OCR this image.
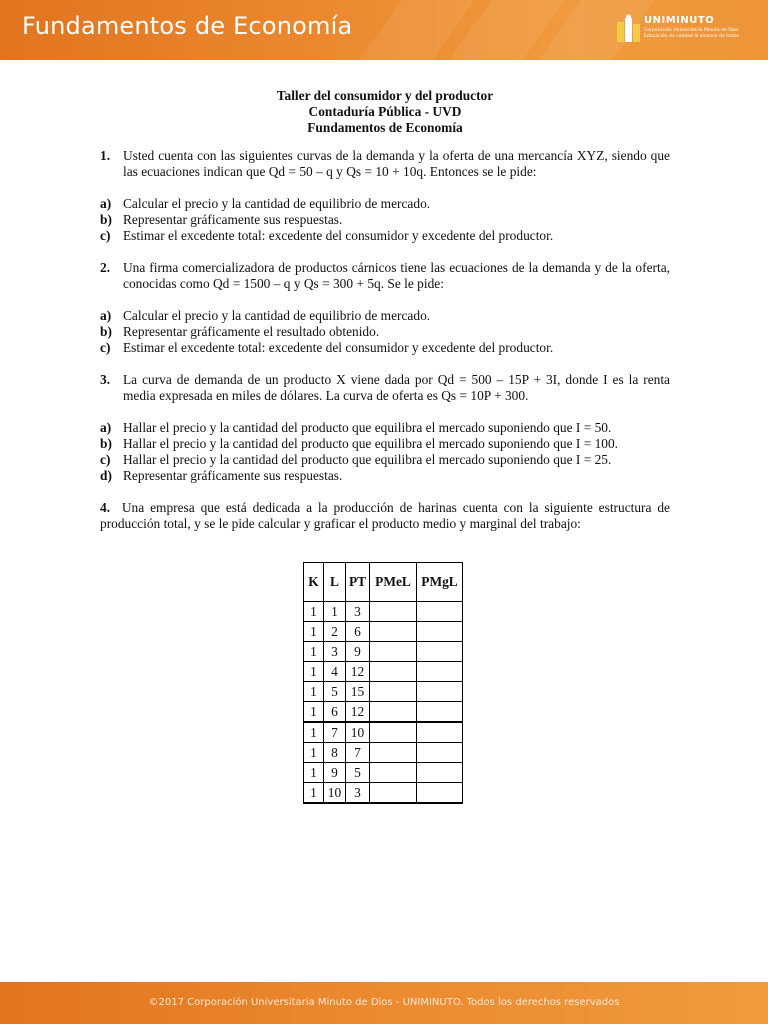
Fundamentos de Economía	UNIMINUTO
Corporación Universitaria Minuto de Dios
Educación de calidad al alcance de todos
Taller del consumidor y del productor
Contaduría Pública - UVD
Fundamentos de Economía
1. Usted cuenta con las siguientes curvas de la demanda y la oferta de una mercancía XYZ, siendo que las ecuaciones indican que Qd = 50 – q y Qs = 10 + 10q. Entonces se le pide:
a) Calcular el precio y la cantidad de equilibrio de mercado.
b) Representar gráficamente sus respuestas.
c) Estimar el excedente total: excedente del consumidor y excedente del productor.
2. Una firma comercializadora de productos cárnicos tiene las ecuaciones de la demanda y de la oferta, conocidas como Qd = 1500 – q y Qs = 300 + 5q. Se le pide:
a) Calcular el precio y la cantidad de equilibrio de mercado.
b) Representar gráficamente el resultado obtenido.
c) Estimar el excedente total: excedente del consumidor y excedente del productor.
3. La curva de demanda de un producto X viene dada por Qd = 500 – 15P + 3I, donde I es la renta media expresada en miles de dólares. La curva de oferta es Qs = 10P + 300.
a) Hallar el precio y la cantidad del producto que equilibra el mercado suponiendo que I = 50.
b) Hallar el precio y la cantidad del producto que equilibra el mercado suponiendo que I = 100.
c) Hallar el precio y la cantidad del producto que equilibra el mercado suponiendo que I = 25.
d) Representar gráficamente sus respuestas.
4. Una empresa que está dedicada a la producción de harinas cuenta con la siguiente estructura de producción total, y se le pide calcular y graficar el producto medio y marginal del trabajo:
K	L	PT	PMeL	PMgL
1	1	3		
1	2	6		
1	3	9		
1	4	12		
1	5	15		
1	6	12		
1	7	10		
1	8	7		
1	9	5		
1	10	3		
©2017 Corporación Universitaria Minuto de Dios - UNIMINUTO. Todos los derechos reservados
